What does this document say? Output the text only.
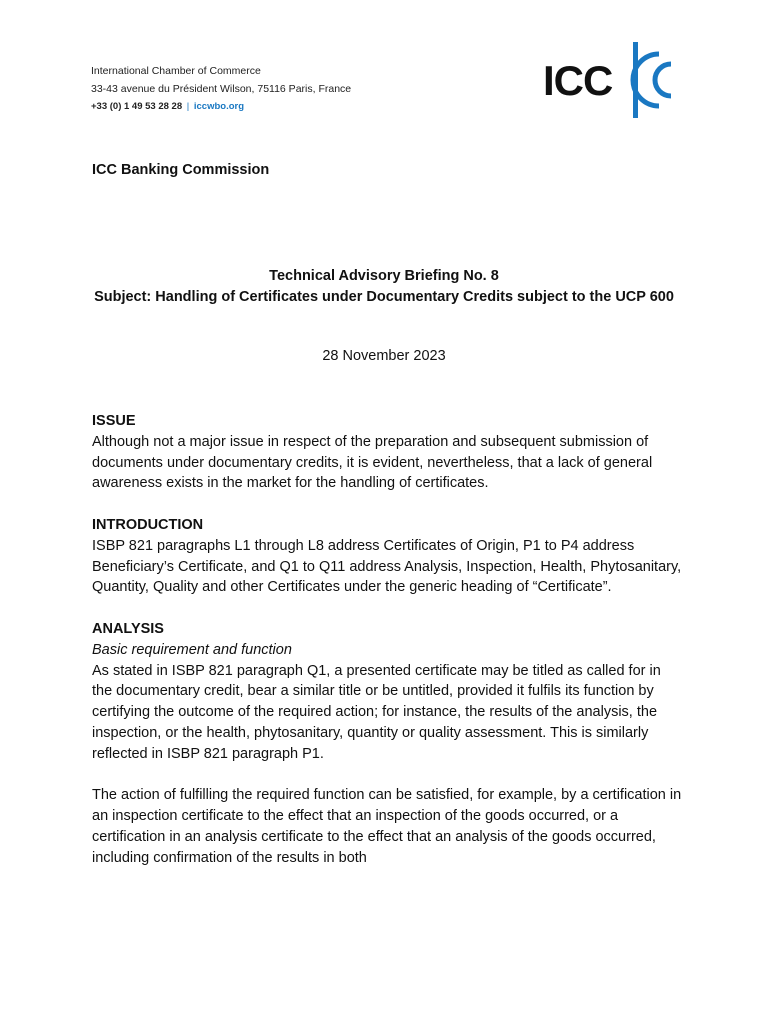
International Chamber of Commerce
33-43 avenue du Président Wilson, 75116 Paris, France
+33 (0) 1 49 53 28 28 | iccwbo.org
ICC
ICC Banking Commission
Technical Advisory Briefing No. 8
Subject: Handling of Certificates under Documentary Credits subject to the UCP 600
28 November 2023
ISSUE

Although not a major issue in respect of the preparation and subsequent submission of documents under documentary credits, it is evident, nevertheless, that a lack of general awareness exists in the market for the handling of certificates.

INTRODUCTION

ISBP 821 paragraphs L1 through L8 address Certificates of Origin, P1 to P4 address Beneficiary’s Certificate, and Q1 to Q11 address Analysis, Inspection, Health, Phytosanitary, Quantity, Quality and other Certificates under the generic heading of “Certificate”.

ANALYSIS

Basic requirement and function

As stated in ISBP 821 paragraph Q1, a presented certificate may be titled as called for in the documentary credit, bear a similar title or be untitled, provided it fulfils its function by certifying the outcome of the required action; for instance, the results of the analysis, the inspection, or the health, phytosanitary, quantity or quality assessment. This is similarly reflected in ISBP 821 paragraph P1.

The action of fulfilling the required function can be satisfied, for example, by a certification in an inspection certificate to the effect that an inspection of the goods occurred, or a certification in an analysis certificate to the effect that an analysis of the goods occurred, including confirmation of the results in both
